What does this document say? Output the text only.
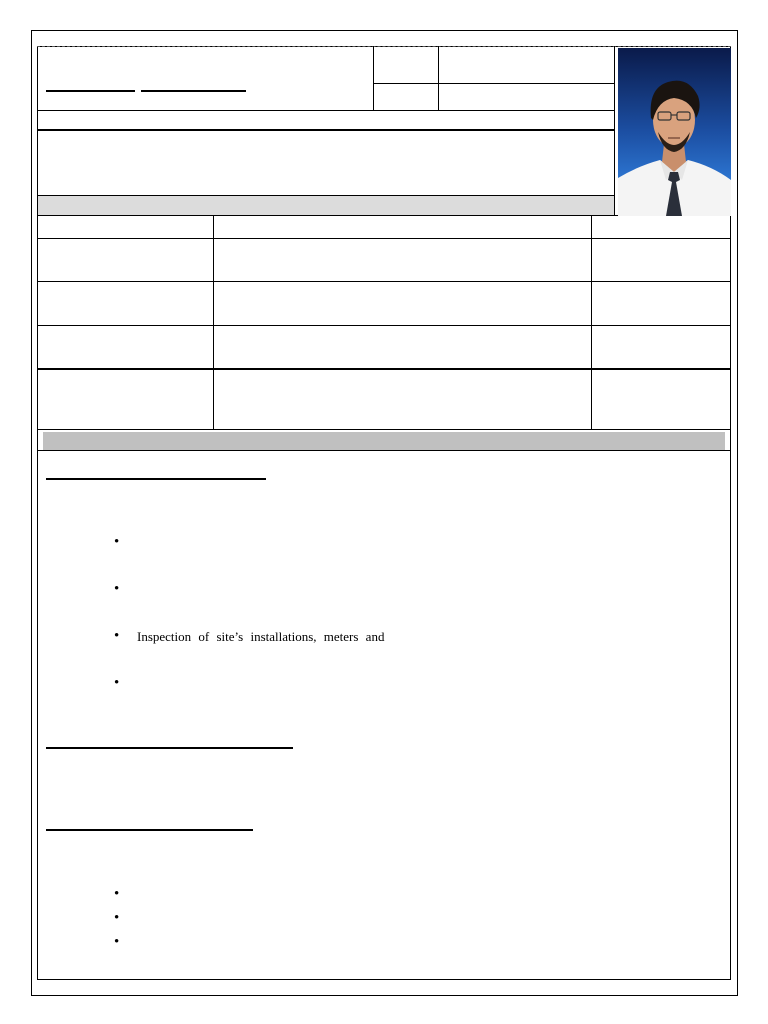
•
•
• Inspection of site’s installations, meters and
•
•
•
•
